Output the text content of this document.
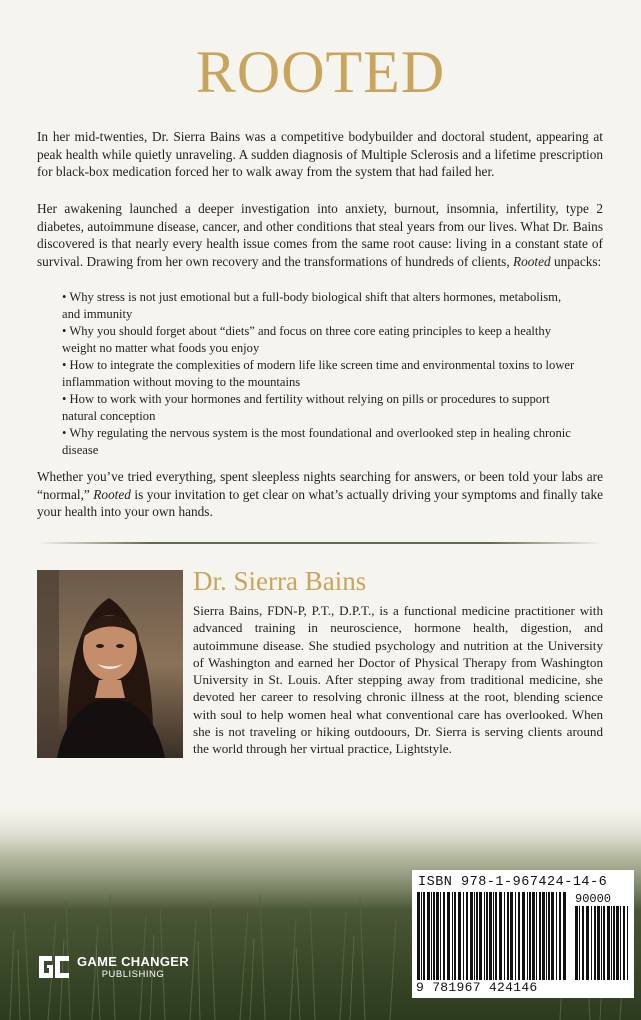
ROOTED

In her mid-twenties, Dr. Sierra Bains was a competitive bodybuilder and doctoral student, appearing at peak health while quietly unraveling. A sudden diagnosis of Multiple Sclerosis and a lifetime prescription for black-box medication forced her to walk away from the system that had failed her.

Her awakening launched a deeper investigation into anxiety, burnout, insomnia, infertility, type 2 diabetes, autoimmune disease, cancer, and other conditions that steal years from our lives. What Dr. Bains discovered is that nearly every health issue comes from the same root cause: living in a constant state of survival. Drawing from her own recovery and the transformations of hundreds of clients, Rooted unpacks:

• Why stress is not just emotional but a full-body biological shift that alters hormones, metabolism, and immunity
• Why you should forget about “diets” and focus on three core eating principles to keep a healthy weight no matter what foods you enjoy
• How to integrate the complexities of modern life like screen time and environmental toxins to lower inflammation without moving to the mountains
• How to work with your hormones and fertility without relying on pills or procedures to support natural conception
• Why regulating the nervous system is the most foundational and overlooked step in healing chronic disease

Whether you’ve tried everything, spent sleepless nights searching for answers, or been told your labs are “normal,” Rooted is your invitation to get clear on what’s actually driving your symptoms and finally take your health into your own hands.

Dr. Sierra Bains

Sierra Bains, FDN-P, P.T., D.P.T., is a functional medicine practitioner with advanced training in neuroscience, hormone health, digestion, and autoimmune disease. She studied psychology and nutrition at the University of Washington and earned her Doctor of Physical Therapy from Washington University in St. Louis. After stepping away from traditional medicine, she devoted her career to resolving chronic illness at the root, blending science with soul to help women heal what conventional care has overlooked. When she is not traveling or hiking outdoours, Dr. Sierra is serving clients around the world through her virtual practice, Lightstyle.

GAME CHANGER
PUBLISHING
ISBN 978-1-967424-14-6
90000
9 781967 424146
